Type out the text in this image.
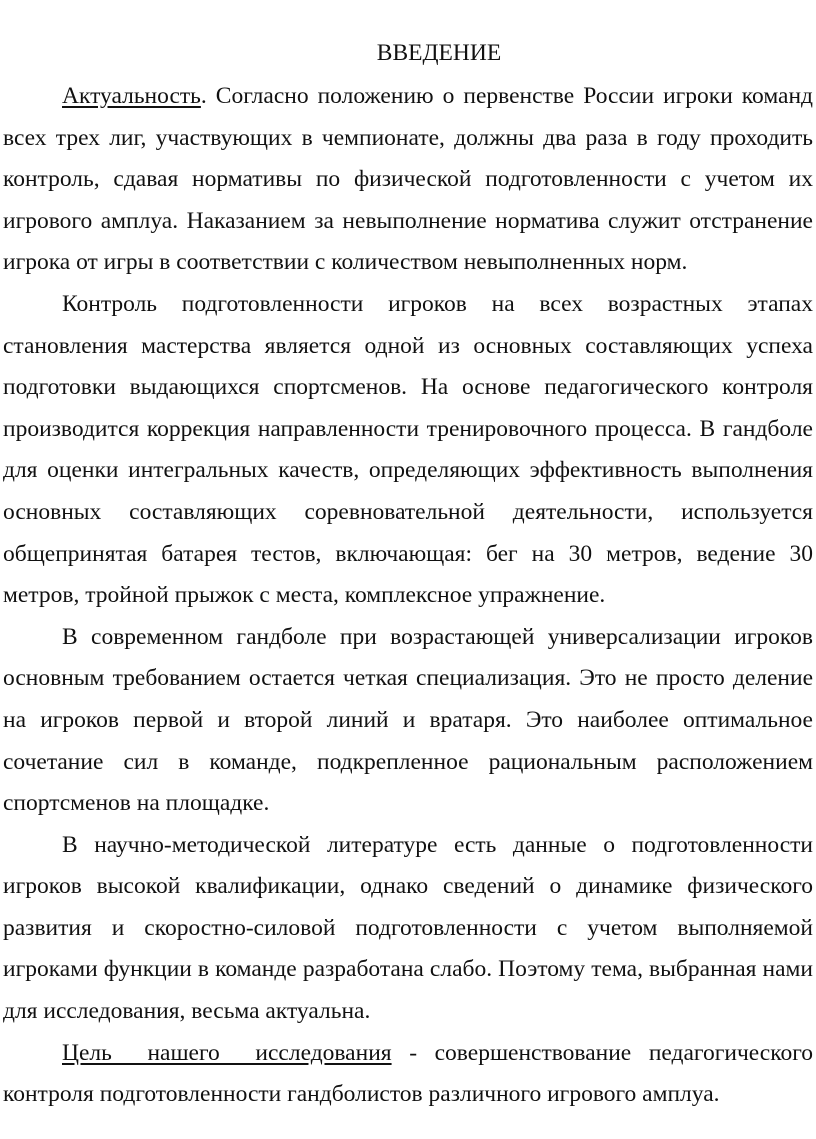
ВВЕДЕНИЕ

Актуальность. Согласно положению о первенстве России игроки команд всех трех лиг, участвующих в чемпионате, должны два раза в году проходить контроль, сдавая нормативы по физической подготовленности с учетом их игрового амплуа. Наказанием за невыполнение норматива служит отстранение игрока от игры в соответствии с количеством невыполненных норм.

Контроль подготовленности игроков на всех возрастных этапах становления мастерства является одной из основных составляющих успеха подготовки выдающихся спортсменов. На основе педагогического контроля производится коррекция направленности тренировочного процесса. В гандболе для оценки интегральных качеств, определяющих эффективность выполнения основных составляющих соревновательной деятельности, используется общепринятая батарея тестов, включающая: бег на 30 метров, ведение 30 метров, тройной прыжок с места, комплексное упражнение.

В современном гандболе при возрастающей универсализации игроков основным требованием остается четкая специализация. Это не просто деление на игроков первой и второй линий и вратаря. Это наиболее оптимальное сочетание сил в команде, подкрепленное рациональным расположением спортсменов на площадке.

В научно-методической литературе есть данные о подготовленности игроков высокой квалификации, однако сведений о динамике физического развития и скоростно-силовой подготовленности с учетом выполняемой игроками функции в команде разработана слабо. Поэтому тема, выбранная нами для исследования, весьма актуальна.

Цель нашего исследования - совершенствование педагогического контроля подготовленности гандболистов различного игрового амплуа.
